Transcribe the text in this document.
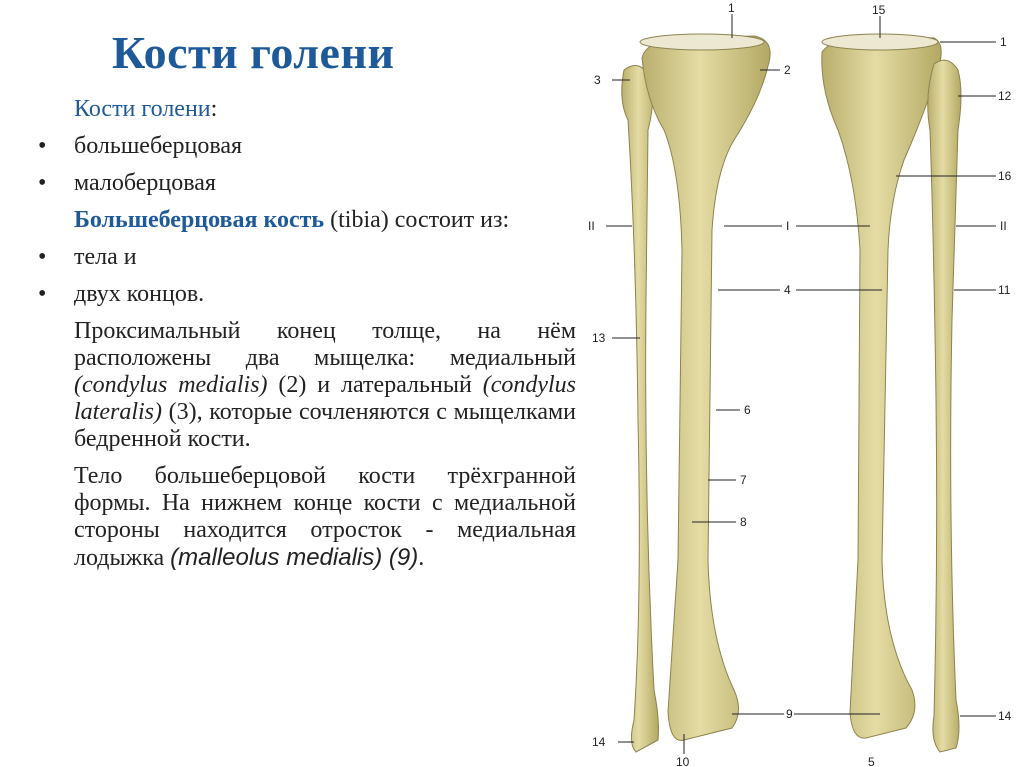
Кости голени
Кости голени:
• большеберцовая
• малоберцовая
Большеберцовая кость (tibia) состоит из:
• тела и
• двух концов.
Проксимальный конец толще, на нём расположены два мыщелка: медиальный (condylus medialis) (2) и латеральный (condylus lateralis) (3), которые сочленяются с мыщелками бедренной кости.
Тело большеберцовой кости трёхгранной формы. На нижнем конце кости с медиальной стороны находится отросток - медиальная лодыжка (malleolus medialis) (9).
1
2
3
II	I
4
13
6
7
8
9
14
10
15
1
12
16
II
11
14
5
